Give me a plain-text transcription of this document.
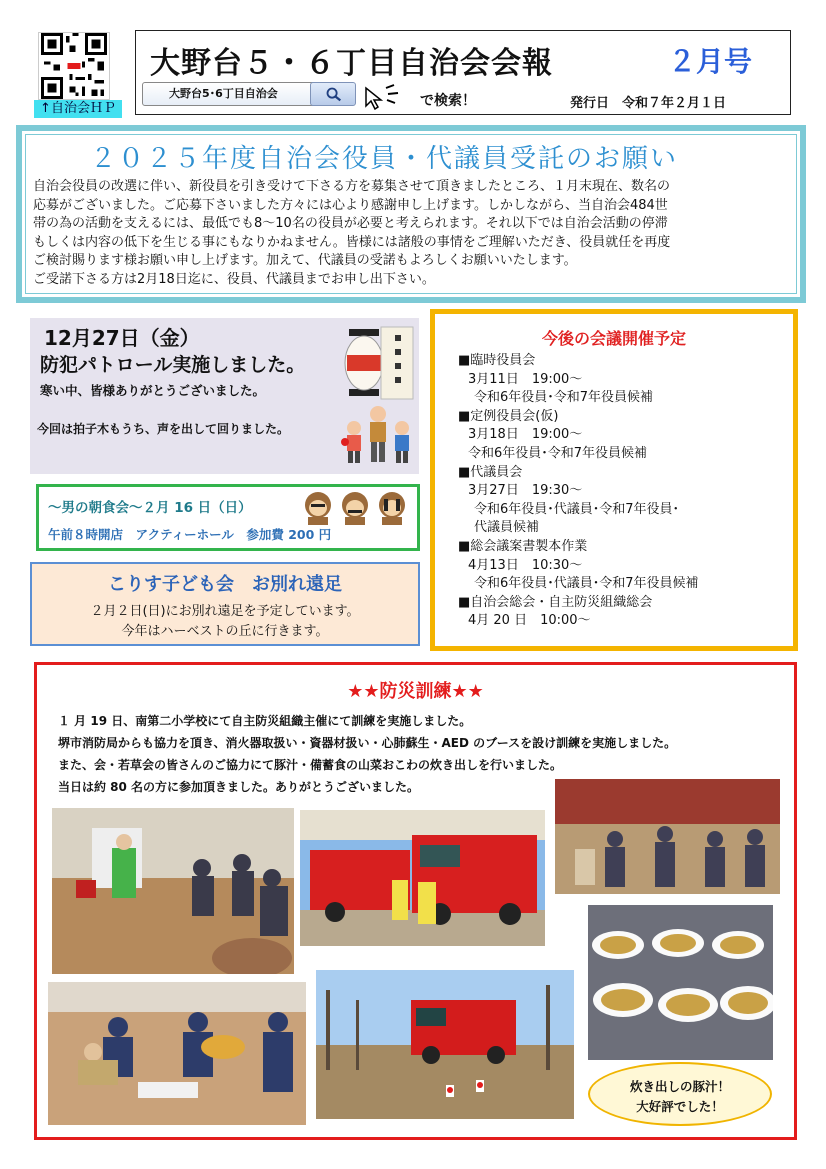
↑自治会ＨＰ
大野台５・６丁目自治会会報	２月号
大野台5･6丁目自治会	で検索！	発行日　令和７年２月１日
２０２５年度自治会役員・代議員受託のお願い

自治会役員の改選に伴い、新役員を引き受けて下さる方を募集させて頂きましたところ、１月末現在、数名の

応募がございました。ご応募下さいました方々には心より感謝申し上げます。しかしながら、当自治会484世

帯の為の活動を支えるには、最低でも8～10名の役員が必要と考えられます。それ以下では自治会活動の停滞

もしくは内容の低下を生じる事にもなりかねません。皆様には諸般の事情をご理解いただき、役員就任を再度

ご検討賜ります様お願い申し上げます。加えて、代議員の受諾もよろしくお願いいたします。

ご受諾下さる方は2月18日迄に、役員、代議員までお申し出下さい。

12月27日（金）
防犯パトロール実施しました。
寒い中、皆様ありがとうございました。
今回は拍子木もうち、声を出して回りました。
～男の朝食会～２月 16 日（日）
午前８時開店　アクティーホール　参加費 200 円
こりす子ども会　お別れ遠足
２月２日(日)にお別れ遠足を予定しています。
今年はハーベストの丘に行きます。
今後の会議開催予定
■臨時役員会
3月11日　19:00～
令和6年役員･令和7年役員候補
■定例役員会(仮)
3月18日　19:00～
令和6年役員･令和7年役員候補
■代議員会
3月27日　19:30～
令和6年役員･代議員･令和7年役員･
代議員候補
■総会議案書製本作業
4月13日　10:30～
令和6年役員･代議員･令和7年役員候補
■自治会総会・自主防災組織総会
4月 20 日　10:00～
★★防災訓練★★

１ 月 19 日、南第二小学校にて自主防災組織主催にて訓練を実施しました。

堺市消防局からも協力を頂き、消火器取扱い・資器材扱い・心肺蘇生・AED のブースを設け訓練を実施しました。

また、会・若草会の皆さんのご協力にて豚汁・備蓄食の山菜おこわの炊き出しを行いました。

当日は約 80 名の方に参加頂きました。ありがとうございました。

炊き出しの豚汁！
大好評でした！
